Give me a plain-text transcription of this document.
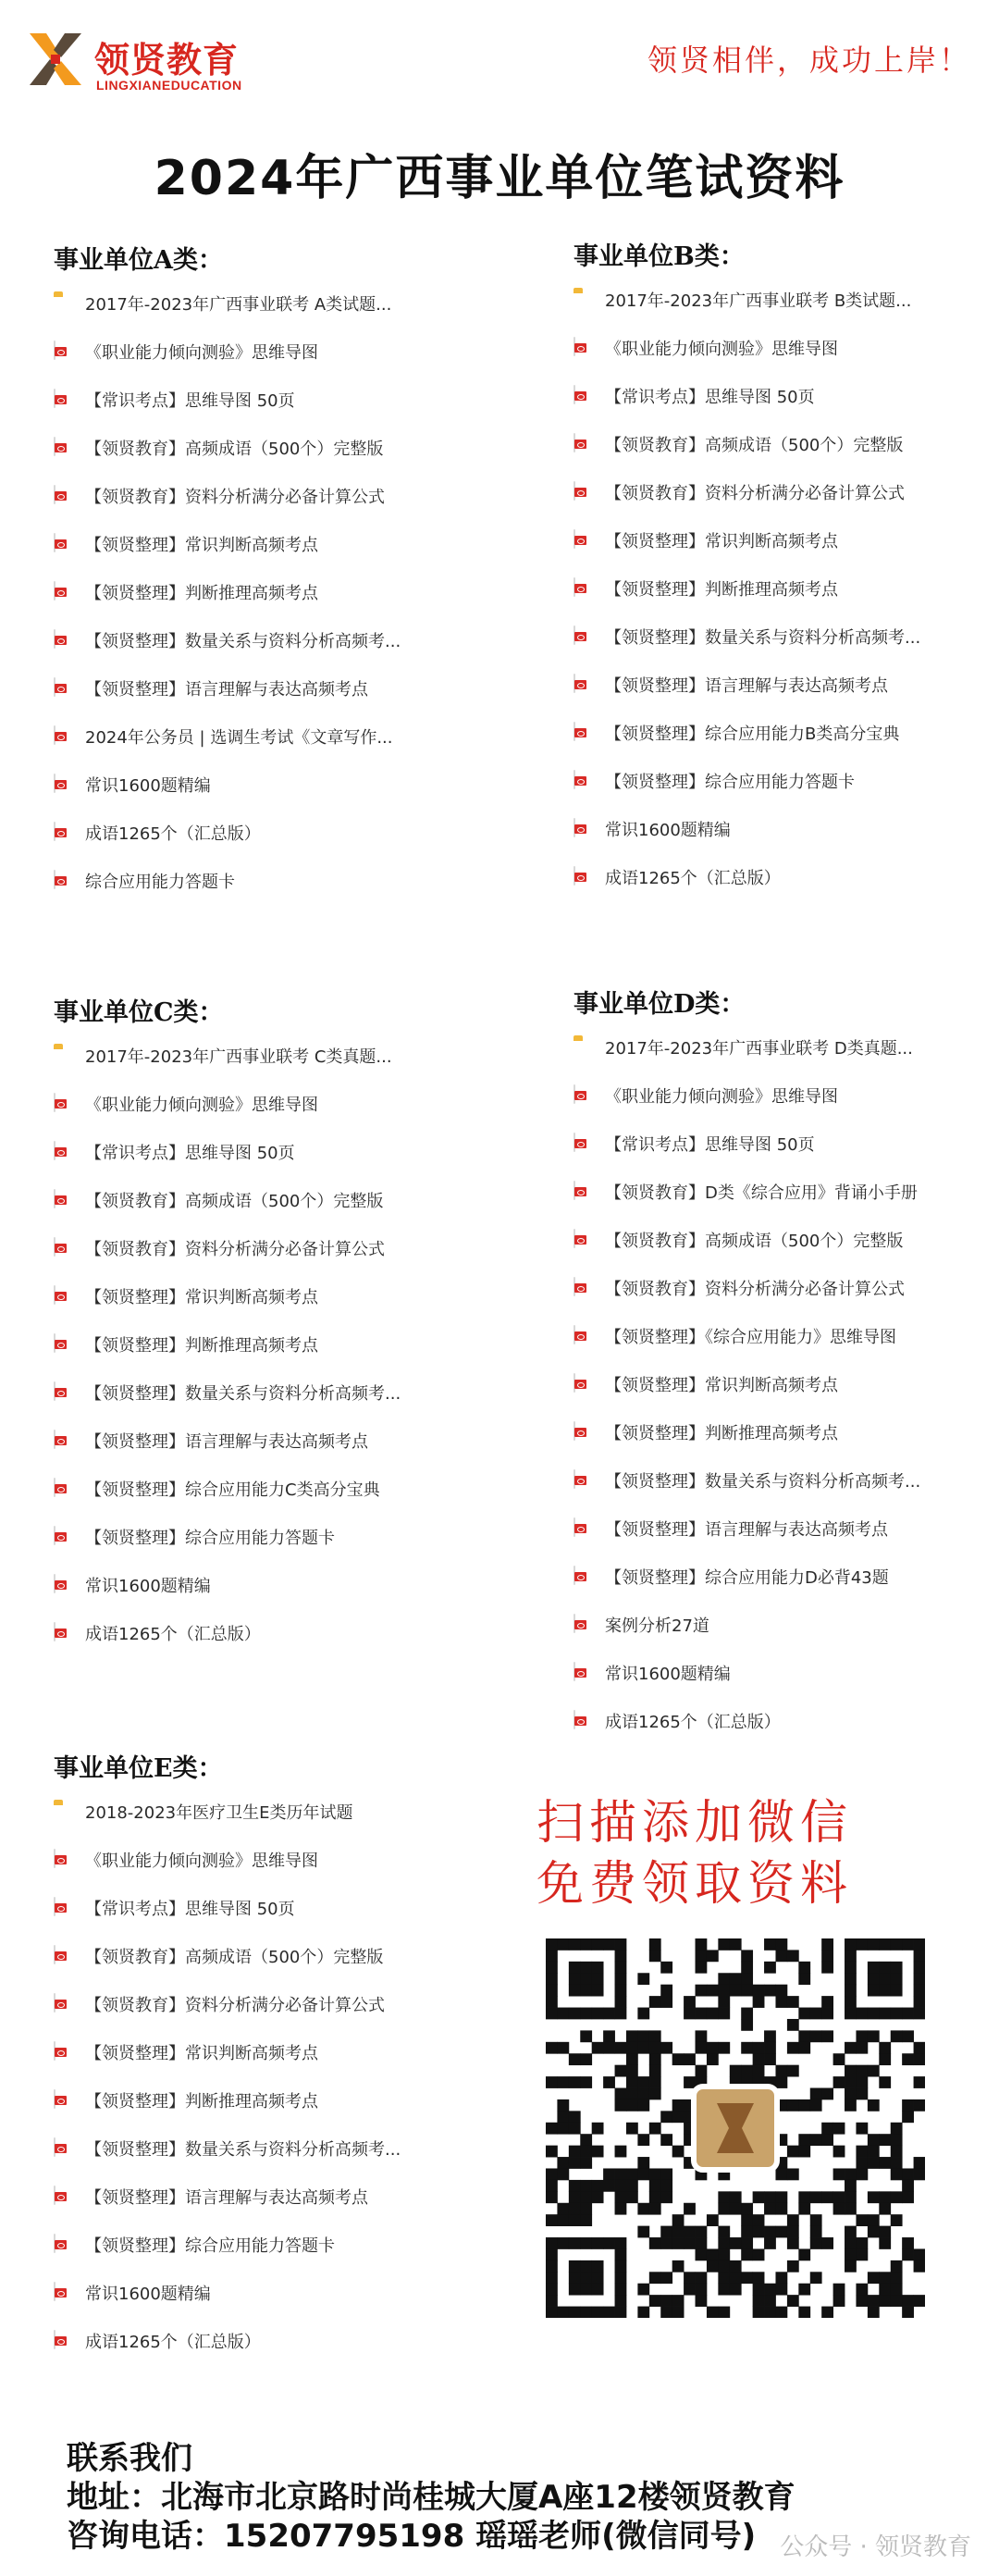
领贤教育
LINGXIANEDUCATION
领贤相伴，成功上岸！
2024年广西事业单位笔试资料
事业单位A类：
2017年-2023年广西事业联考 A类试题...
《职业能力倾向测验》思维导图
【常识考点】思维导图 50页
【领贤教育】高频成语（500个）完整版
【领贤教育】资料分析满分必备计算公式
【领贤整理】常识判断高频考点
【领贤整理】判断推理高频考点
【领贤整理】数量关系与资料分析高频考...
【领贤整理】语言理解与表达高频考点
2024年公务员 | 选调生考试《文章写作...
常识1600题精编
成语1265个（汇总版）
综合应用能力答题卡
事业单位B类：
2017年-2023年广西事业联考 B类试题...
《职业能力倾向测验》思维导图
【常识考点】思维导图 50页
【领贤教育】高频成语（500个）完整版
【领贤教育】资料分析满分必备计算公式
【领贤整理】常识判断高频考点
【领贤整理】判断推理高频考点
【领贤整理】数量关系与资料分析高频考...
【领贤整理】语言理解与表达高频考点
【领贤整理】综合应用能力B类高分宝典
【领贤整理】综合应用能力答题卡
常识1600题精编
成语1265个（汇总版）
事业单位C类：
2017年-2023年广西事业联考 C类真题...
《职业能力倾向测验》思维导图
【常识考点】思维导图 50页
【领贤教育】高频成语（500个）完整版
【领贤教育】资料分析满分必备计算公式
【领贤整理】常识判断高频考点
【领贤整理】判断推理高频考点
【领贤整理】数量关系与资料分析高频考...
【领贤整理】语言理解与表达高频考点
【领贤整理】综合应用能力C类高分宝典
【领贤整理】综合应用能力答题卡
常识1600题精编
成语1265个（汇总版）
事业单位D类：
2017年-2023年广西事业联考 D类真题...
《职业能力倾向测验》思维导图
【常识考点】思维导图 50页
【领贤教育】D类《综合应用》背诵小手册
【领贤教育】高频成语（500个）完整版
【领贤教育】资料分析满分必备计算公式
【领贤整理】《综合应用能力》思维导图
【领贤整理】常识判断高频考点
【领贤整理】判断推理高频考点
【领贤整理】数量关系与资料分析高频考...
【领贤整理】语言理解与表达高频考点
【领贤整理】综合应用能力D必背43题
案例分析27道
常识1600题精编
成语1265个（汇总版）
事业单位E类：
2018-2023年医疗卫生E类历年试题
《职业能力倾向测验》思维导图
【常识考点】思维导图 50页
【领贤教育】高频成语（500个）完整版
【领贤教育】资料分析满分必备计算公式
【领贤整理】常识判断高频考点
【领贤整理】判断推理高频考点
【领贤整理】数量关系与资料分析高频考...
【领贤整理】语言理解与表达高频考点
【领贤整理】综合应用能力答题卡
常识1600题精编
成语1265个（汇总版）
扫描添加微信
免费领取资料
联系我们
地址：北海市北京路时尚桂城大厦A座12楼领贤教育
咨询电话：15207795198 瑶瑶老师(微信同号)	公众号 · 领贤教育
